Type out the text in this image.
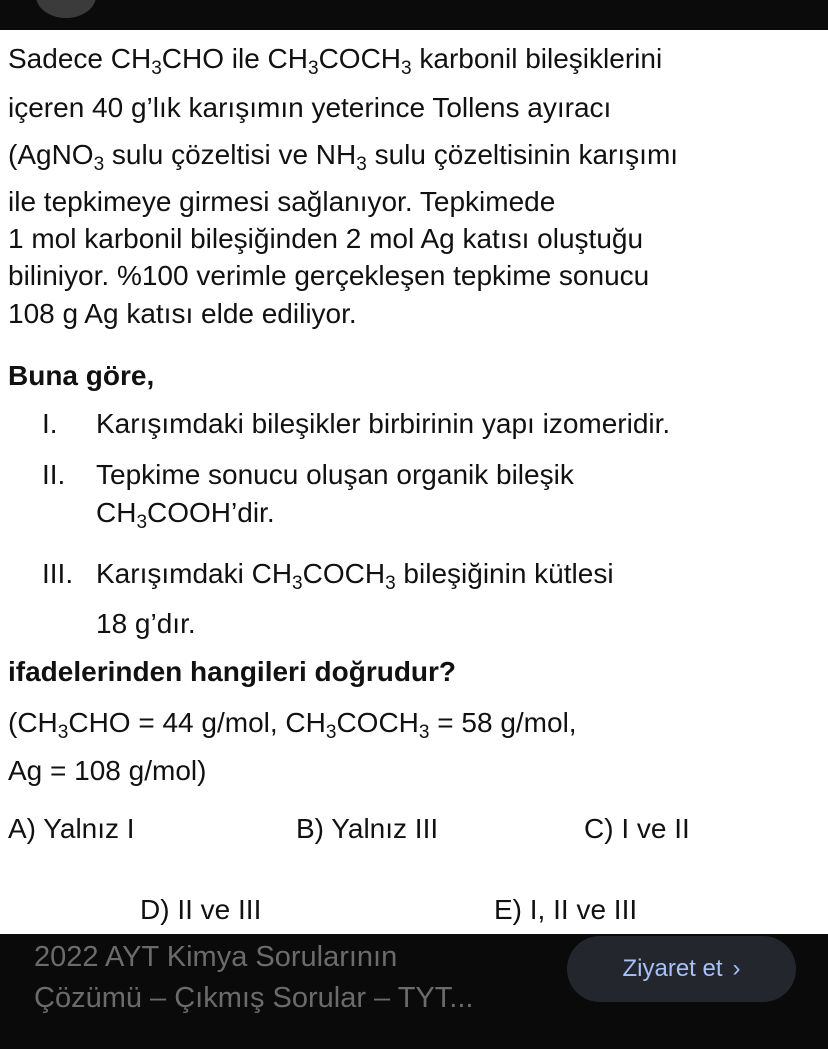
Sadece $CH_3CHO$ ile $CH_3COCH_3$ karbonil bileşiklerini
içeren 40 g’lık karışımın yeterince Tollens ayıracı
(AgNO$_3$ sulu çözeltisi ve $NH_3$ sulu çözeltisinin karışımı
ile tepkimeye girmesi sağlanıyor. Tepkimede
1 mol karbonil bileşiğinden 2 mol Ag katısı oluştuğu
biliniyor. %100 verimle gerçekleşen tepkime sonucu
108 g Ag katısı elde ediliyor.
Buna göre,
I. Karışımdaki bileşikler birbirinin yapı izomeridir.
II. Tepkime sonucu oluşan organik bileşik
$CH_3COOH’dir$.
III. Karışımdaki $CH_3COCH_3$ bileşiğinin kütlesi
18 g’dır.
ifadelerinden hangileri doğrudur?
($CH_3CHO = 44$ g/mol, $CH_3COCH_3 = 58$ g/mol,
Ag = 108 g/mol)
A) Yalnız I	B) Yalnız III	C) I ve II
D) II ve III	E) I, II ve III
2022 AYT Kimya Sorularının
Çözümü – Çıkmış Sorular – TYT...
Ziyaret et ›
